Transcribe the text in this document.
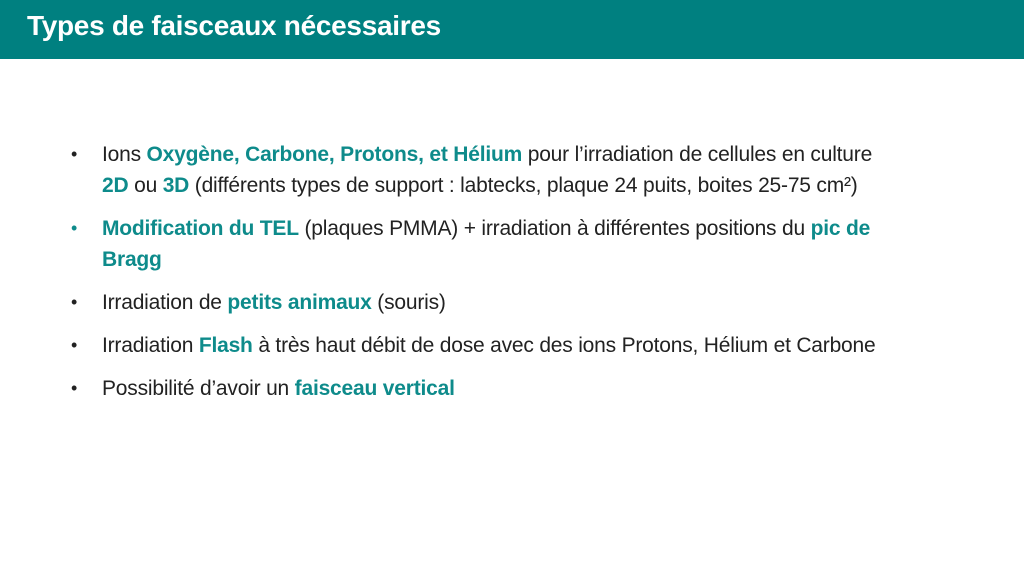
Types de faisceaux nécessaires
• Ions Oxygène, Carbone, Protons, et Hélium pour l’irradiation de cellules en culture 2D ou 3D (différents types de support : labtecks, plaque 24 puits, boites 25-75 cm²)
• Modification du TEL (plaques PMMA) + irradiation à différentes positions du pic de Bragg
• Irradiation de petits animaux (souris)
• Irradiation Flash à très haut débit de dose avec des ions Protons, Hélium et Carbone
• Possibilité d’avoir un faisceau vertical
